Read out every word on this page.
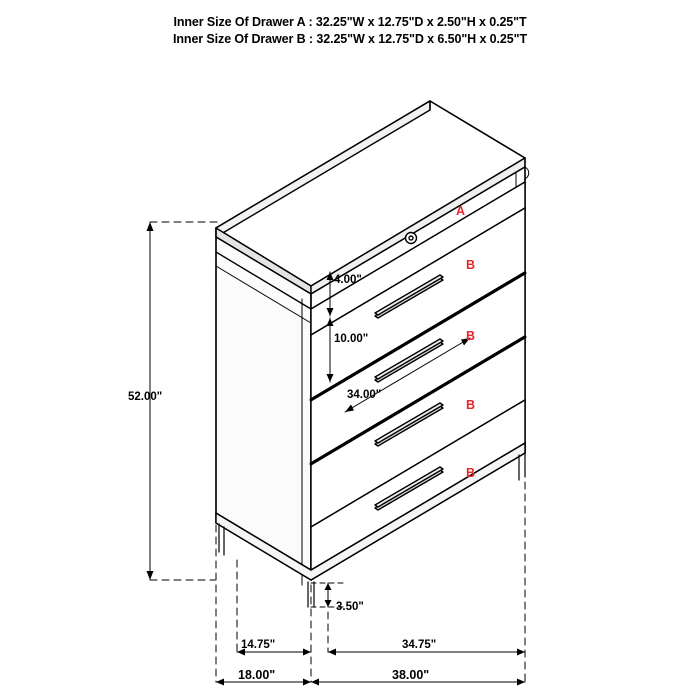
Inner Size Of Drawer A : 32.25"W x 12.75"D x 2.50"H x 0.25"T
Inner Size Of Drawer B : 32.25"W x 12.75"D x 6.50"H x 0.25"T
52.00"
4.00"
10.00"
34.00"
3.50"
14.75"	34.75"
18.00"	38.00"
A
B
B
B
B
